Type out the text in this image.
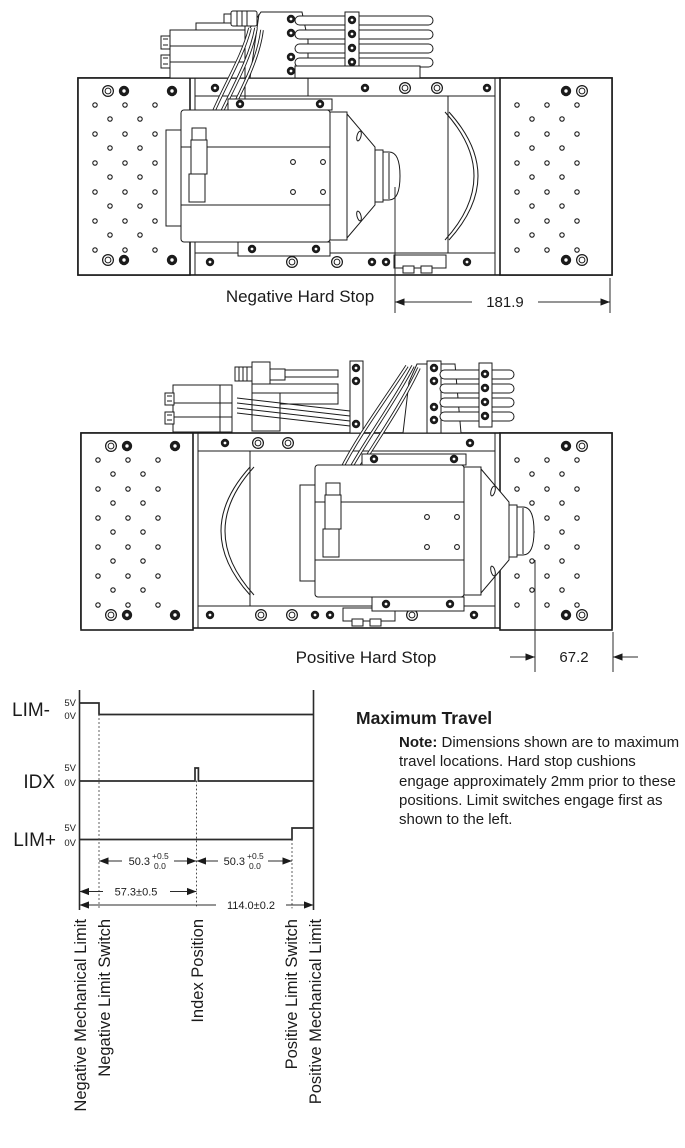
Negative Hard Stop	181.9
Positive Hard Stop	67.2
LIM- 5V
0V
IDX
5V
0V
LIM+
5V
0V
50.3 +0.5
0.0	50.3 +0.5
0.0
57.3±0.5
114.0±0.2
Negative Mechanical Limit Negative Limit Switch	Index Position	Positive Limit Switch Positive Mechanical Limit
Maximum Travel

Note: Dimensions shown are to maximum travel locations. Hard stop cushions engage approximately 2mm prior to these positions. Limit switches engage first as shown to the left.
